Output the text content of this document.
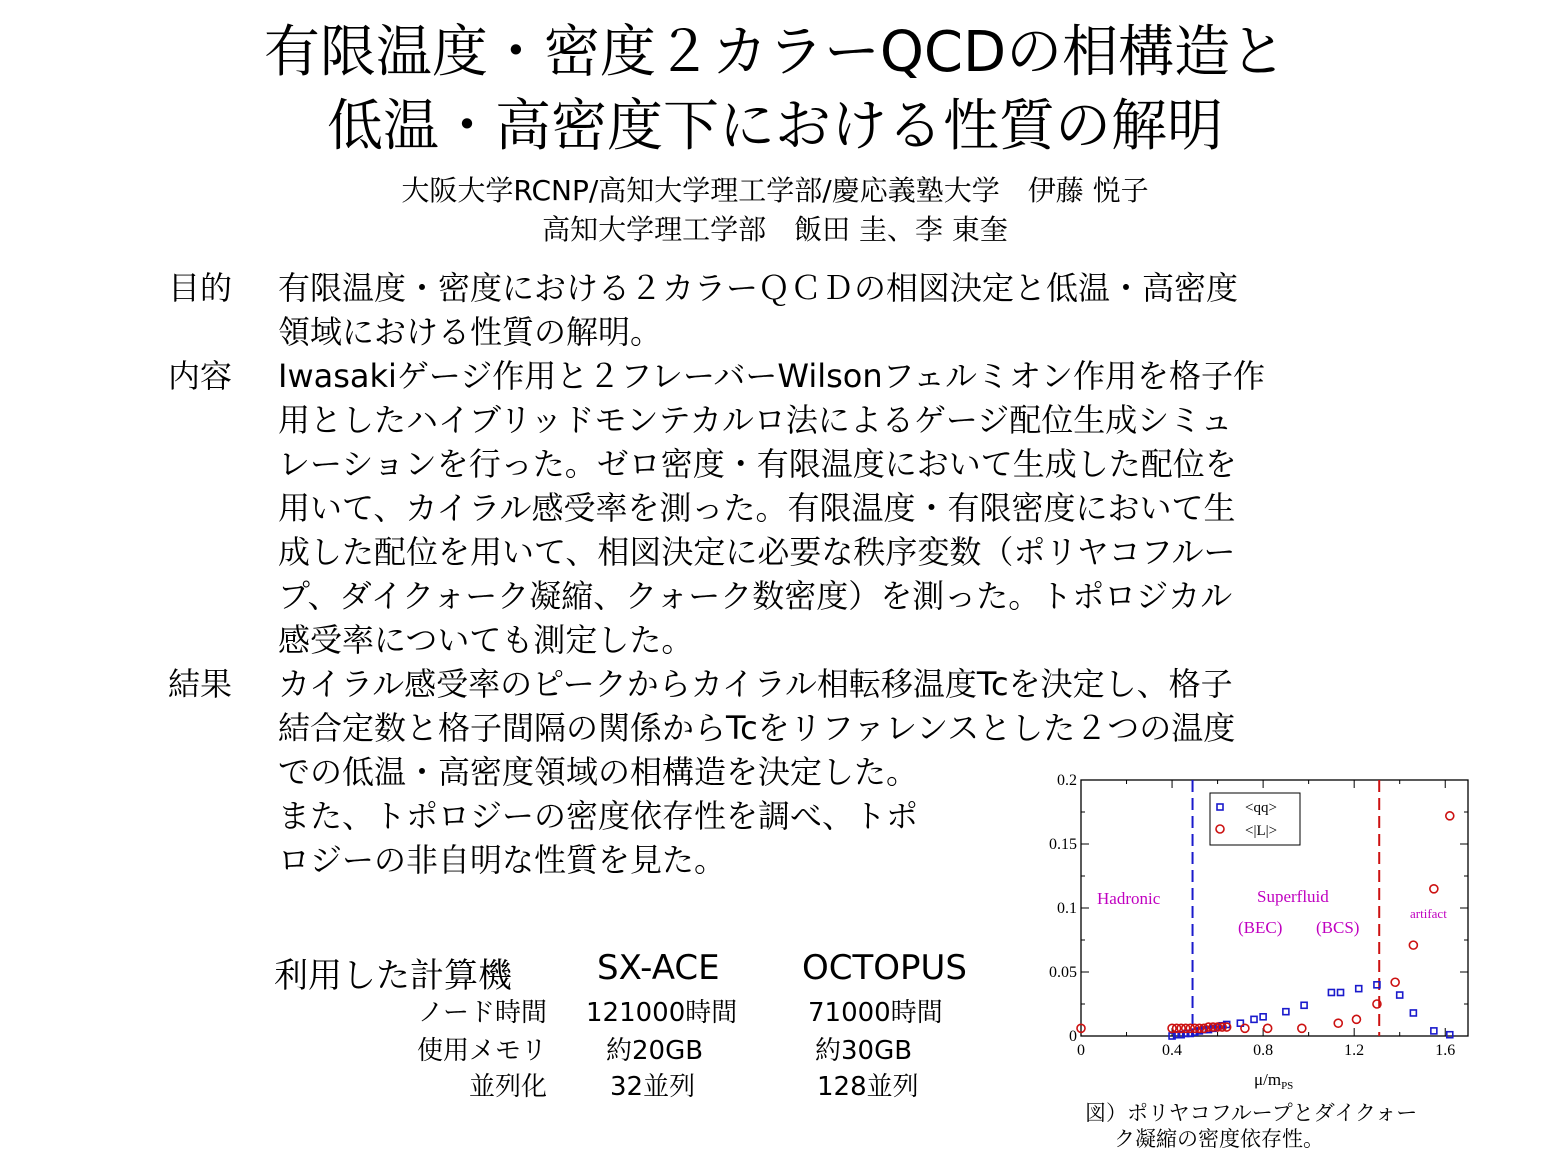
有限温度・密度２カラーQCDの相構造と
低温・高密度下における性質の解明
大阪大学RCNP/高知大学理工学部/慶応義塾大学　伊藤 悦子
高知大学理工学部　飯田 圭、李 東奎
目的 有限温度・密度における２カラーＱＣＤの相図決定と低温・高密度
領域における性質の解明。
内容 Iwasakiゲージ作用と２フレーバーWilsonフェルミオン作用を格子作
用としたハイブリッドモンテカルロ法によるゲージ配位生成シミュ
レーションを行った。ゼロ密度・有限温度において生成した配位を
用いて、カイラル感受率を測った。有限温度・有限密度において生
成した配位を用いて、相図決定に必要な秩序変数（ポリヤコフルー
プ、ダイクォーク凝縮、クォーク数密度）を測った。トポロジカル
感受率についても測定した。
結果 カイラル感受率のピークからカイラル相転移温度Tcを決定し、格子
結合定数と格子間隔の関係からTcをリファレンスとした２つの温度
での低温・高密度領域の相構造を決定した。
また、トポロジーの密度依存性を調べ、トポ
ロジーの非自明な性質を見た。
利用した計算機	SX-ACE OCTOPUS
ノード時間 121000時間	71000時間
使用メモリ 約20GB	約30GB
並列化 32並列	128並列
0	0.4	0.8	1.2	1.6
0
0.05
0.1
0.15
0.2
<qq>
<|L|>
Hadronic	Superfluid
(BEC) (BCS)
artifact
$\mu/m_{PS}$
図）ポリヤコフループとダイクォー
ク凝縮の密度依存性。
